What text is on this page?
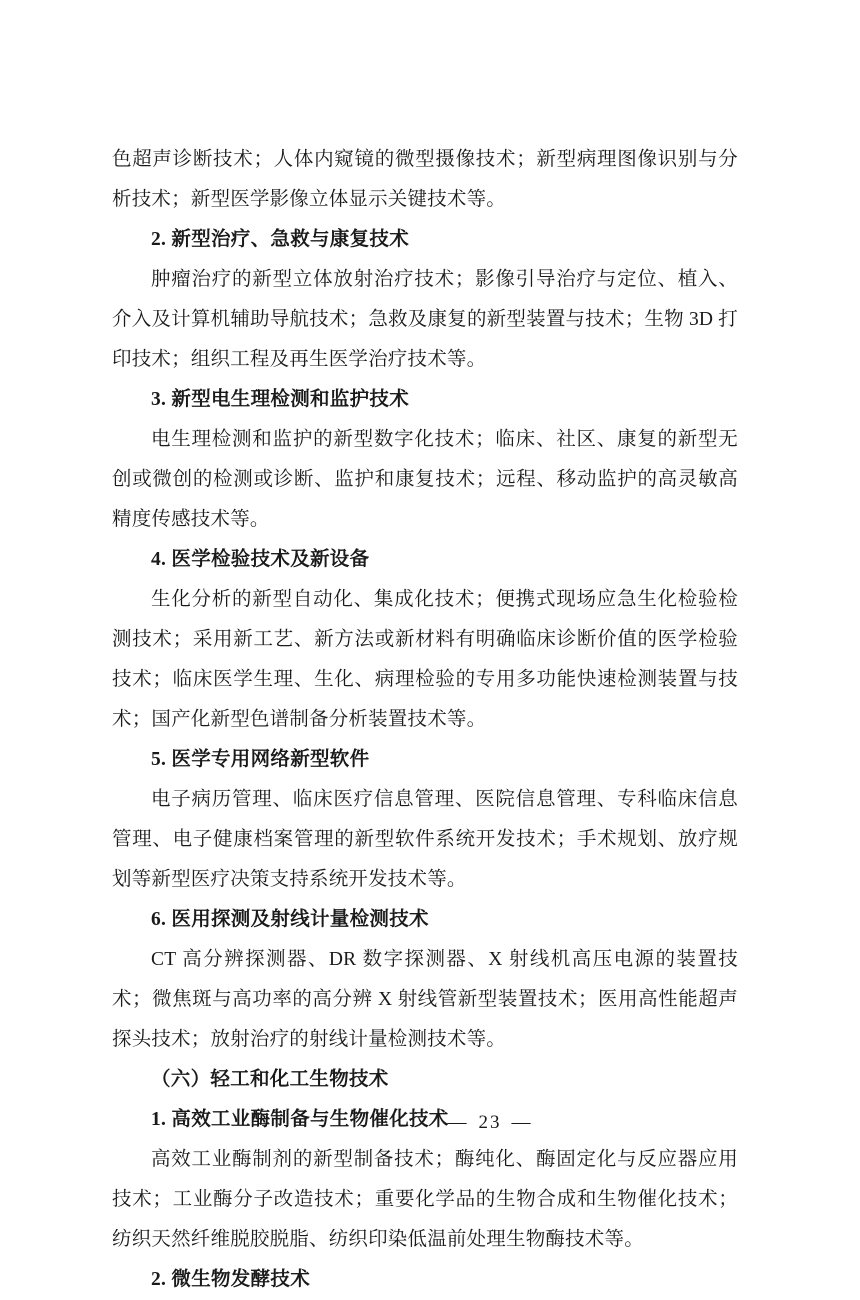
色超声诊断技术；人体内窥镜的微型摄像技术；新型病理图像识别与分析技术；新型医学影像立体显示关键技术等。

2. 新型治疗、急救与康复技术

肿瘤治疗的新型立体放射治疗技术；影像引导治疗与定位、植入、介入及计算机辅助导航技术；急救及康复的新型装置与技术；生物 3D 打印技术；组织工程及再生医学治疗技术等。

3. 新型电生理检测和监护技术

电生理检测和监护的新型数字化技术；临床、社区、康复的新型无创或微创的检测或诊断、监护和康复技术；远程、移动监护的高灵敏高精度传感技术等。

4. 医学检验技术及新设备

生化分析的新型自动化、集成化技术；便携式现场应急生化检验检测技术；采用新工艺、新方法或新材料有明确临床诊断价值的医学检验技术；临床医学生理、生化、病理检验的专用多功能快速检测装置与技术；国产化新型色谱制备分析装置技术等。

5. 医学专用网络新型软件

电子病历管理、临床医疗信息管理、医院信息管理、专科临床信息管理、电子健康档案管理的新型软件系统开发技术；手术规划、放疗规划等新型医疗决策支持系统开发技术等。

6. 医用探测及射线计量检测技术

CT 高分辨探测器、DR 数字探测器、X 射线机高压电源的装置技术；微焦斑与高功率的高分辨 X 射线管新型装置技术；医用高性能超声探头技术；放射治疗的射线计量检测技术等。

（六）轻工和化工生物技术

1. 高效工业酶制备与生物催化技术

高效工业酶制剂的新型制备技术；酶纯化、酶固定化与反应器应用技术；工业酶分子改造技术；重要化学品的生物合成和生物催化技术；纺织天然纤维脱胶脱脂、纺织印染低温前处理生物酶技术等。

2. 微生物发酵技术

— 23 —
